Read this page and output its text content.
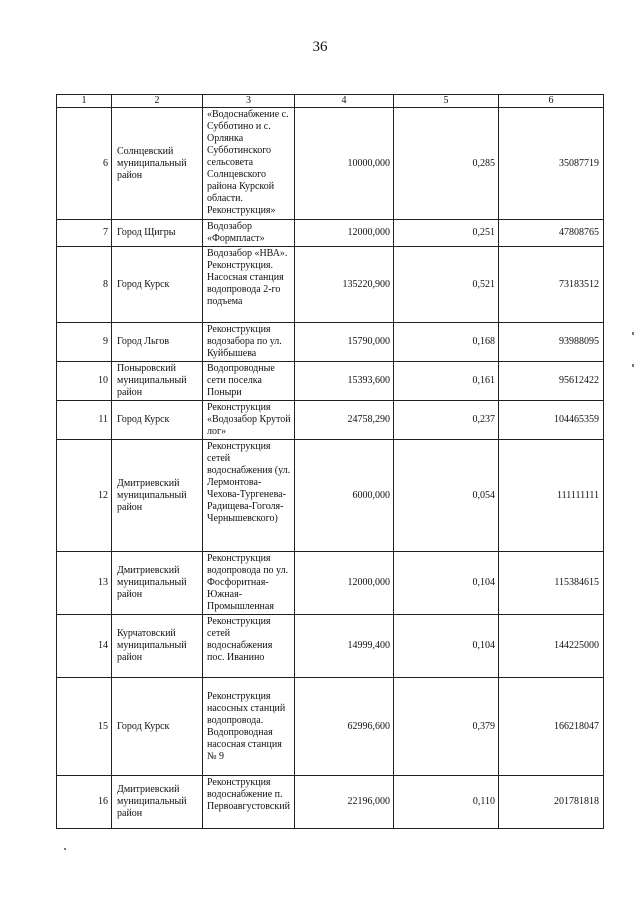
36
1	2	3	4	5	6
6	Солнцевский муниципальный район	«Водоснабжение с. Субботино и с. Орлянка Субботинского сельсовета Солнцевского района Курской области. Реконструкция»	10000,000	0,285	35087719
7	Город Щигры	Водозабор «Формпласт»	12000,000	0,251	47808765
8	Город Курск	Водозабор «НВА». Реконструкция. Насосная станция водопровода 2-го подъема	135220,900	0,521	73183512
9	Город Льгов	Реконструкция водозабора по ул. Куйбышева	15790,000	0,168	93988095
10	Поныровский муниципальный район	Водопроводные сети поселка Поныри	15393,600	0,161	95612422
11	Город Курск	Реконструкция «Водозабор Крутой лог»	24758,290	0,237	104465359
12	Дмитриевский муниципальный район	Реконструкция сетей водоснабжения (ул. Лермонтова-Чехова-Тургенева-Радищева-Гоголя-Чернышевского)	6000,000	0,054	111111111
13	Дмитриевский муниципальный район	Реконструкция водопровода по ул. Фосфоритная-Южная-Промышленная	12000,000	0,104	115384615
14	Курчатовский муниципальный район	Реконструкция сетей водоснабжения пос. Иванино	14999,400	0,104	144225000
15	Город Курск	Реконструкция насосных станций водопровода. Водопроводная насосная станция № 9	62996,600	0,379	166218047
16	Дмитриевский муниципальный район	Реконструкция водоснабжение п. Первоавгустовский	22196,000	0,110	201781818
